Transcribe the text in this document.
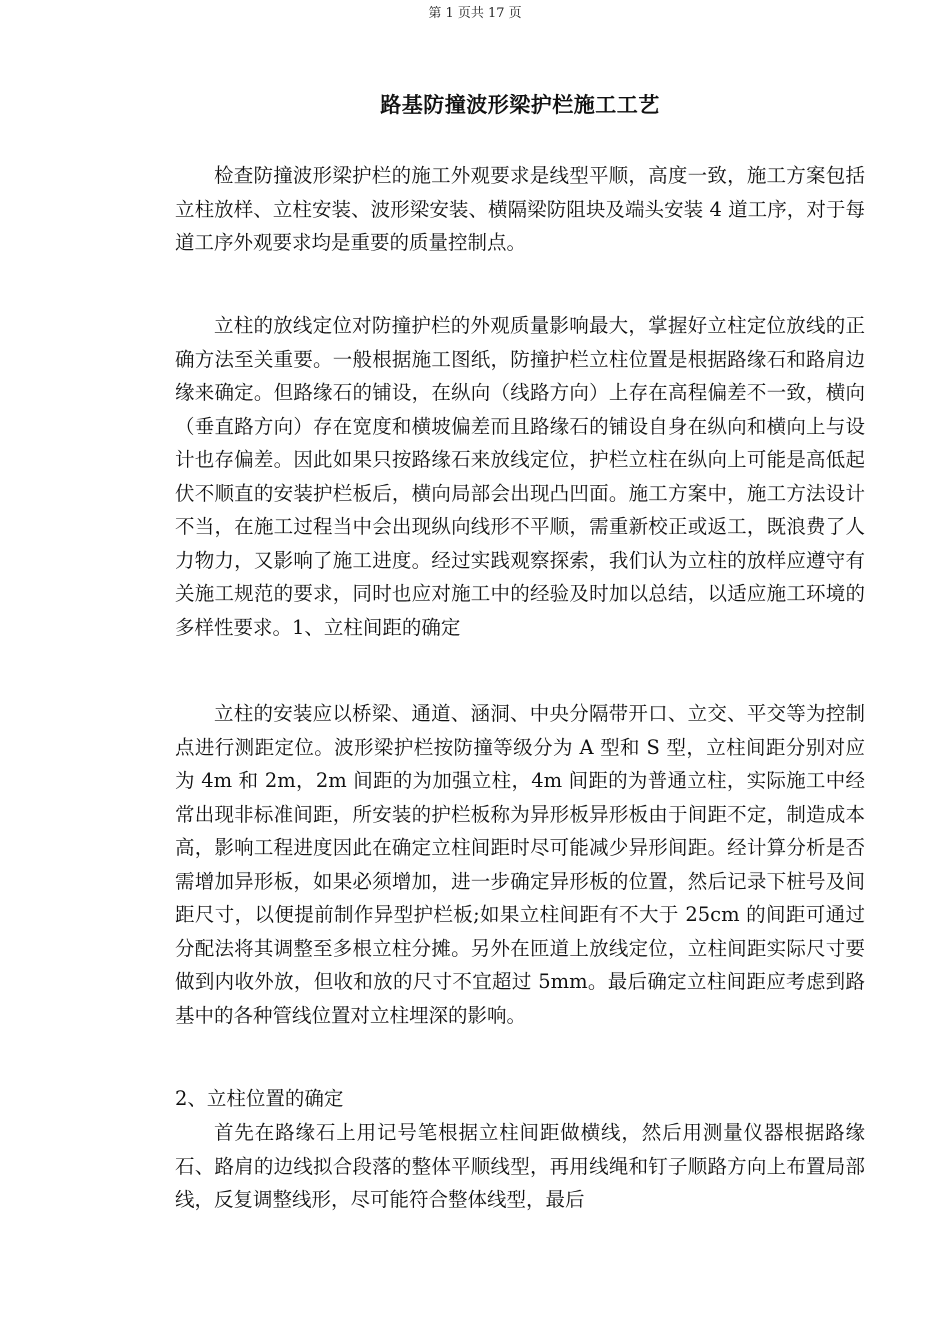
第 1 页共 17 页
路基防撞波形梁护栏施工工艺

检查防撞波形梁护栏的施工外观要求是线型平顺，高度一致，施工方案包括立柱放样、立柱安装、波形梁安装、横隔梁防阻块及端头安装 4 道工序，对于每道工序外观要求均是重要的质量控制点。

立柱的放线定位对防撞护栏的外观质量影响最大，掌握好立柱定位放线的正确方法至关重要。一般根据施工图纸，防撞护栏立柱位置是根据路缘石和路肩边缘来确定。但路缘石的铺设，在纵向（线路方向）上存在高程偏差不一致，横向（垂直路方向）存在宽度和横坡偏差而且路缘石的铺设自身在纵向和横向上与设计也存偏差。因此如果只按路缘石来放线定位，护栏立柱在纵向上可能是高低起伏不顺直的安装护栏板后，横向局部会出现凸凹面。施工方案中，施工方法设计不当，在施工过程当中会出现纵向线形不平顺，需重新校正或返工，既浪费了人力物力，又影响了施工进度。经过实践观察探索，我们认为立柱的放样应遵守有关施工规范的要求，同时也应对施工中的经验及时加以总结，以适应施工环境的多样性要求。1、立柱间距的确定

立柱的安装应以桥梁、通道、涵洞、中央分隔带开口、立交、平交等为控制点进行测距定位。波形梁护栏按防撞等级分为 A 型和 S 型，立柱间距分别对应为 4m 和 2m，2m 间距的为加强立柱，4m 间距的为普通立柱，实际施工中经常出现非标准间距，所安装的护栏板称为异形板异形板由于间距不定，制造成本高，影响工程进度因此在确定立柱间距时尽可能减少异形间距。经计算分析是否需增加异形板，如果必须增加，进一步确定异形板的位置，然后记录下桩号及间距尺寸，以便提前制作异型护栏板;如果立柱间距有不大于 25cm 的间距可通过分配法将其调整至多根立柱分摊。另外在匝道上放线定位，立柱间距实际尺寸要做到内收外放，但收和放的尺寸不宜超过 5mm。最后确定立柱间距应考虑到路基中的各种管线位置对立柱埋深的影响。

2、立柱位置的确定

首先在路缘石上用记号笔根据立柱间距做横线，然后用测量仪器根据路缘石、路肩的边线拟合段落的整体平顺线型，再用线绳和钉子顺路方向上布置局部线，反复调整线形，尽可能符合整体线型，最后
